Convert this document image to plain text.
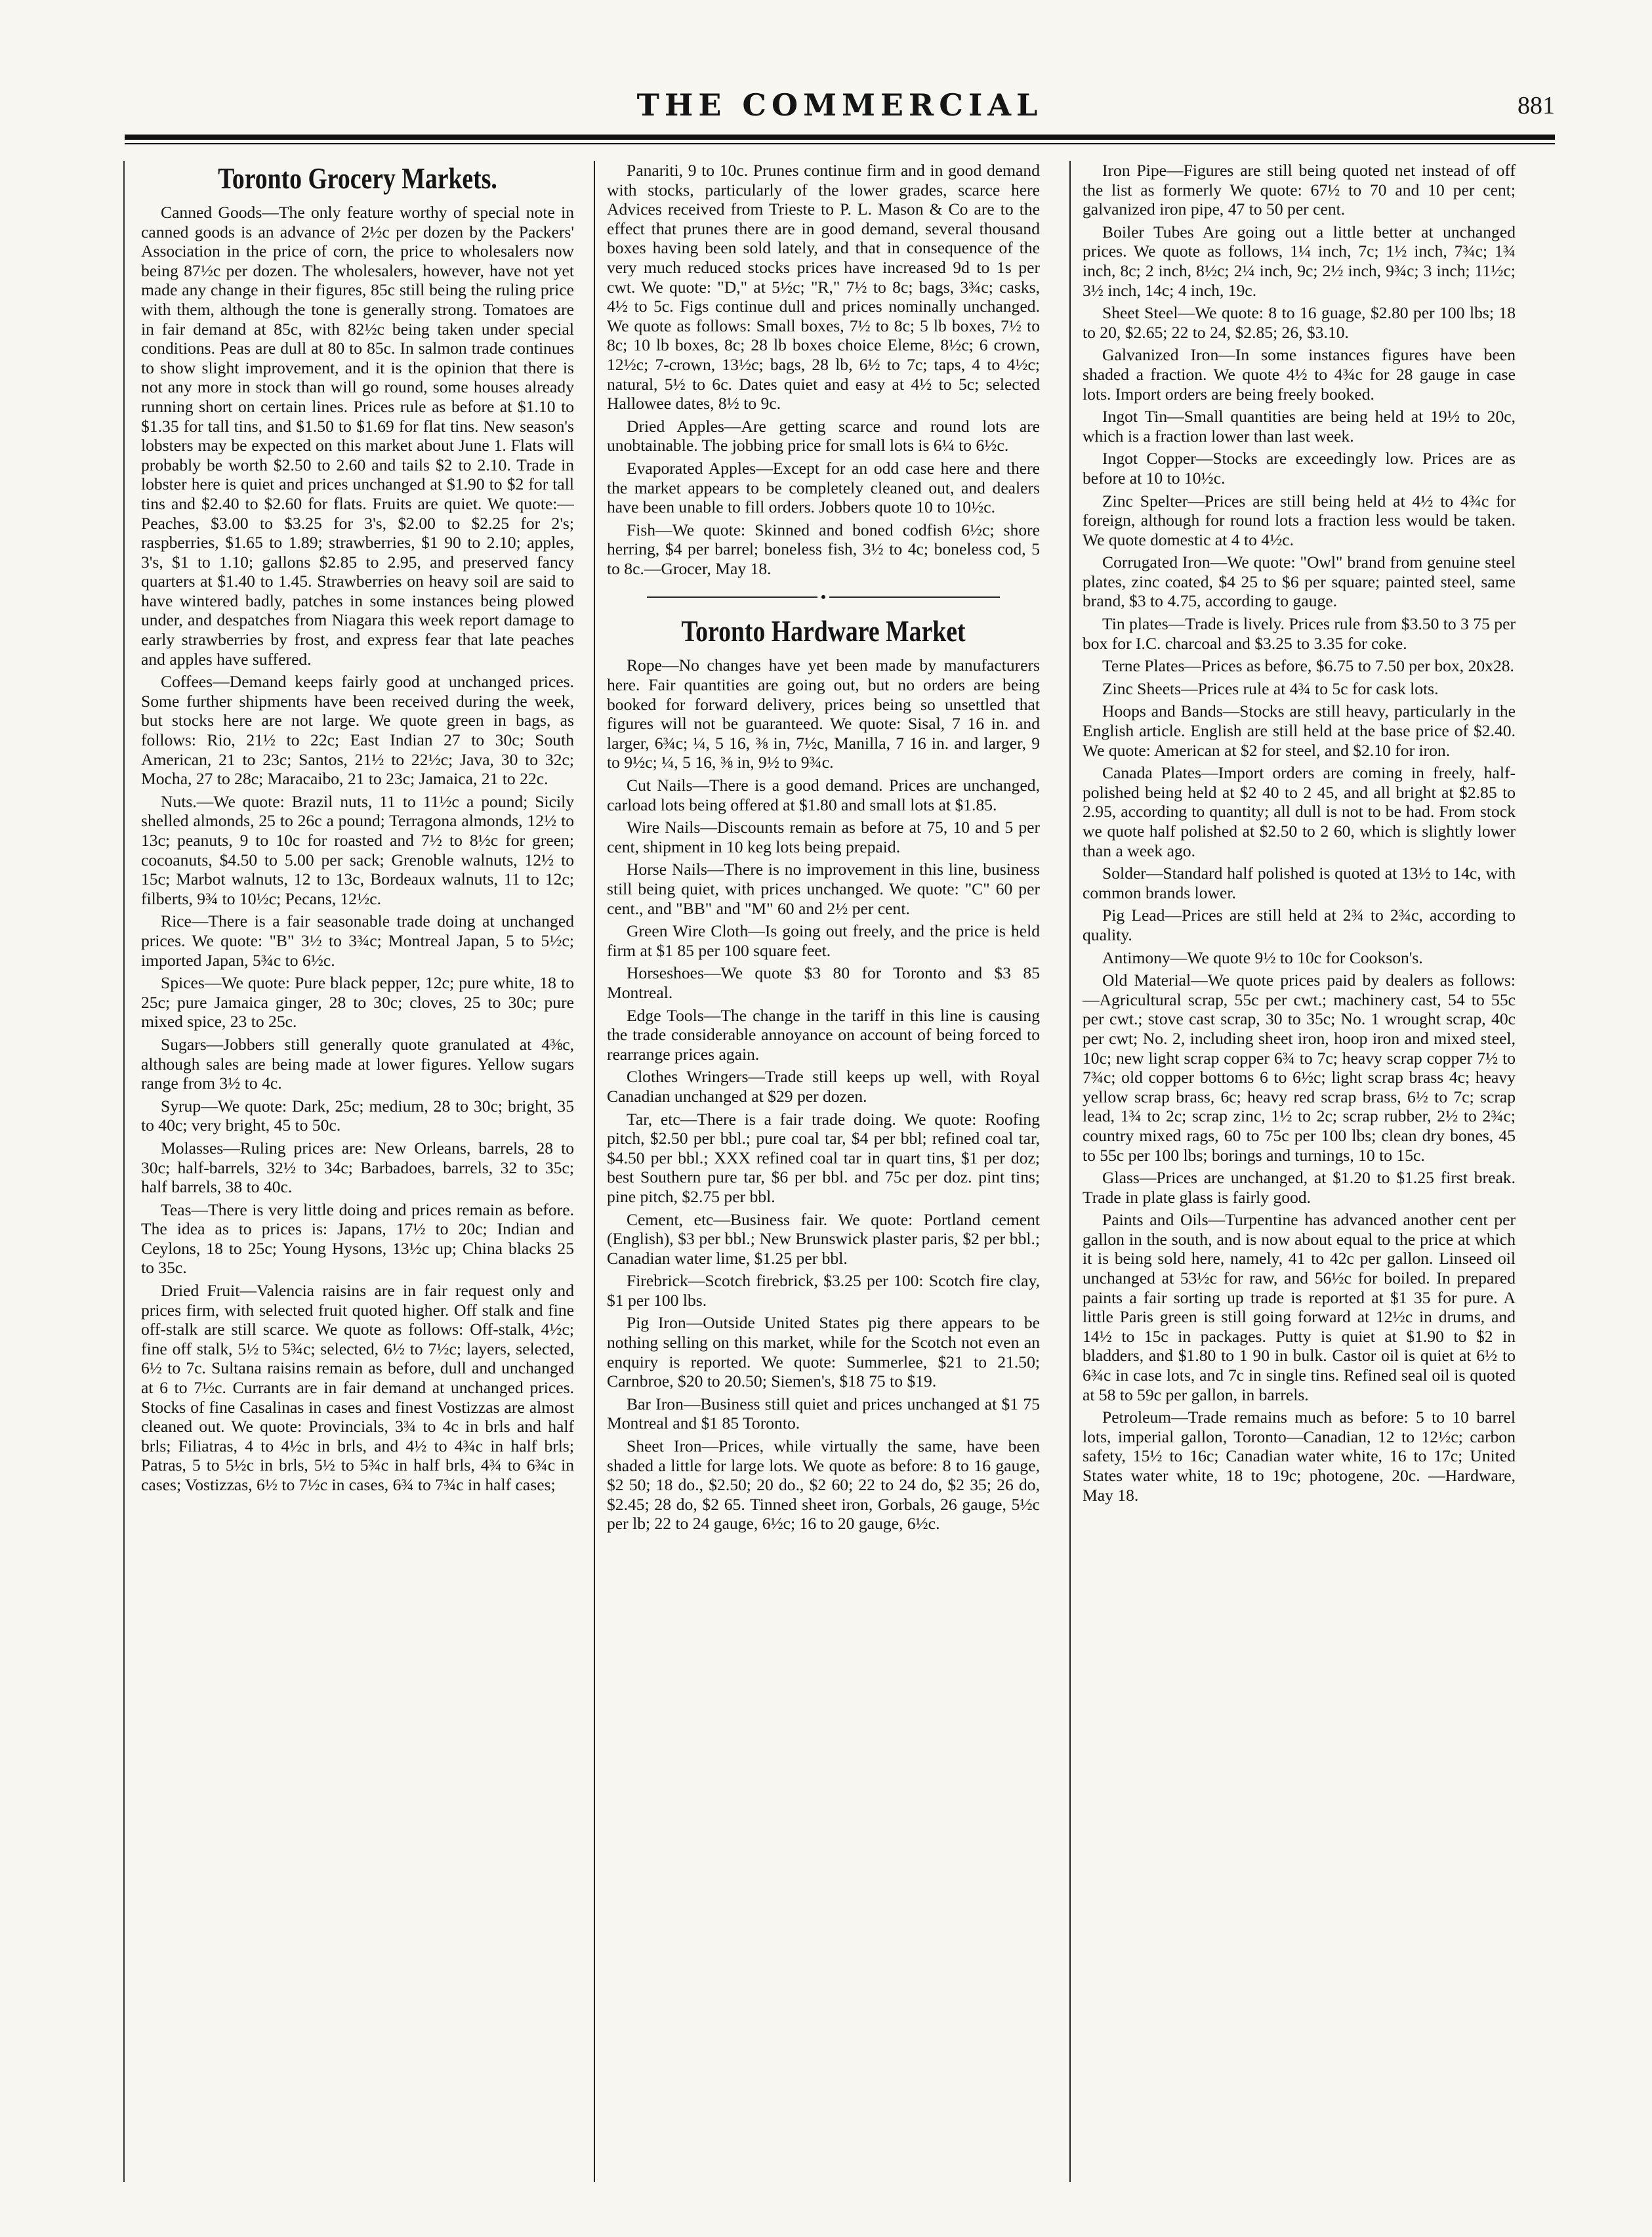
THE COMMERCIAL	881
Toronto Grocery Markets.

Canned Goods—The only feature worthy of special note in canned goods is an advance of 2½c per dozen by the Packers' Association in the price of corn, the price to wholesalers now being 87½c per dozen. The wholesalers, however, have not yet made any change in their figures, 85c still being the ruling price with them, although the tone is generally strong. Tomatoes are in fair demand at 85c, with 82½c being taken under special conditions. Peas are dull at 80 to 85c. In salmon trade continues to show slight improvement, and it is the opinion that there is not any more in stock than will go round, some houses already running short on certain lines. Prices rule as before at $1.10 to $1.35 for tall tins, and $1.50 to $1.69 for flat tins. New season's lobsters may be expected on this market about June 1. Flats will probably be worth $2.50 to 2.60 and tails $2 to 2.10. Trade in lobster here is quiet and prices unchanged at $1.90 to $2 for tall tins and $2.40 to $2.60 for flats. Fruits are quiet. We quote:—Peaches, $3.00 to $3.25 for 3's, $2.00 to $2.25 for 2's; raspberries, $1.65 to 1.89; strawberries, $1 90 to 2.10; apples, 3's, $1 to 1.10; gallons $2.85 to 2.95, and preserved fancy quarters at $1.40 to 1.45. Strawberries on heavy soil are said to have wintered badly, patches in some instances being plowed under, and despatches from Niagara this week report damage to early strawberries by frost, and express fear that late peaches and apples have suffered.

Coffees—Demand keeps fairly good at unchanged prices. Some further shipments have been received during the week, but stocks here are not large. We quote green in bags, as follows: Rio, 21½ to 22c; East Indian 27 to 30c; South American, 21 to 23c; Santos, 21½ to 22½c; Java, 30 to 32c; Mocha, 27 to 28c; Maracaibo, 21 to 23c; Jamaica, 21 to 22c.

Nuts.—We quote: Brazil nuts, 11 to 11½c a pound; Sicily shelled almonds, 25 to 26c a pound; Terragona almonds, 12½ to 13c; peanuts, 9 to 10c for roasted and 7½ to 8½c for green; cocoanuts, $4.50 to 5.00 per sack; Grenoble walnuts, 12½ to 15c; Marbot walnuts, 12 to 13c, Bordeaux walnuts, 11 to 12c; filberts, 9¾ to 10½c; Pecans, 12½c.

Rice—There is a fair seasonable trade doing at unchanged prices. We quote: "B" 3½ to 3¾c; Montreal Japan, 5 to 5½c; imported Japan, 5¾c to 6½c.

Spices—We quote: Pure black pepper, 12c; pure white, 18 to 25c; pure Jamaica ginger, 28 to 30c; cloves, 25 to 30c; pure mixed spice, 23 to 25c.

Sugars—Jobbers still generally quote granulated at 4⅜c, although sales are being made at lower figures. Yellow sugars range from 3½ to 4c.

Syrup—We quote: Dark, 25c; medium, 28 to 30c; bright, 35 to 40c; very bright, 45 to 50c.

Molasses—Ruling prices are: New Orleans, barrels, 28 to 30c; half-barrels, 32½ to 34c; Barbadoes, barrels, 32 to 35c; half barrels, 38 to 40c.

Teas—There is very little doing and prices remain as before. The idea as to prices is: Japans, 17½ to 20c; Indian and Ceylons, 18 to 25c; Young Hysons, 13½c up; China blacks 25 to 35c.

Dried Fruit—Valencia raisins are in fair request only and prices firm, with selected fruit quoted higher. Off stalk and fine off-stalk are still scarce. We quote as follows: Off-stalk, 4½c; fine off stalk, 5½ to 5¾c; selected, 6½ to 7½c; layers, selected, 6½ to 7c. Sultana raisins remain as before, dull and unchanged at 6 to 7½c. Currants are in fair demand at unchanged prices. Stocks of fine Casalinas in cases and finest Vostizzas are almost cleaned out. We quote: Provincials, 3¾ to 4c in brls and half brls; Filiatras, 4 to 4½c in brls, and 4½ to 4¾c in half brls; Patras, 5 to 5½c in brls, 5½ to 5¾c in half brls, 4¾ to 6¾c in cases; Vostizzas, 6½ to 7½c in cases, 6¾ to 7¾c in half cases;

Panariti, 9 to 10c. Prunes continue firm and in good demand with stocks, particularly of the lower grades, scarce here Advices received from Trieste to P. L. Mason & Co are to the effect that prunes there are in good demand, several thousand boxes having been sold lately, and that in consequence of the very much reduced stocks prices have increased 9d to 1s per cwt. We quote: "D," at 5½c; "R," 7½ to 8c; bags, 3¾c; casks, 4½ to 5c. Figs continue dull and prices nominally unchanged. We quote as follows: Small boxes, 7½ to 8c; 5 lb boxes, 7½ to 8c; 10 lb boxes, 8c; 28 lb boxes choice Eleme, 8½c; 6 crown, 12½c; 7-crown, 13½c; bags, 28 lb, 6½ to 7c; taps, 4 to 4½c; natural, 5½ to 6c. Dates quiet and easy at 4½ to 5c; selected Hallowee dates, 8½ to 9c.

Dried Apples—Are getting scarce and round lots are unobtainable. The jobbing price for small lots is 6¼ to 6½c.

Evaporated Apples—Except for an odd case here and there the market appears to be completely cleaned out, and dealers have been unable to fill orders. Jobbers quote 10 to 10½c.

Fish—We quote: Skinned and boned codfish 6½c; shore herring, $4 per barrel; boneless fish, 3½ to 4c; boneless cod, 5 to 8c.—Grocer, May 18.

•
Toronto Hardware Market

Rope—No changes have yet been made by manufacturers here. Fair quantities are going out, but no orders are being booked for forward delivery, prices being so unsettled that figures will not be guaranteed. We quote: Sisal, 7 16 in. and larger, 6¾c; ¼, 5 16, ⅜ in, 7½c, Manilla, 7 16 in. and larger, 9 to 9½c; ¼, 5 16, ⅜ in, 9½ to 9¾c.

Cut Nails—There is a good demand. Prices are unchanged, carload lots being offered at $1.80 and small lots at $1.85.

Wire Nails—Discounts remain as before at 75, 10 and 5 per cent, shipment in 10 keg lots being prepaid.

Horse Nails—There is no improvement in this line, business still being quiet, with prices unchanged. We quote: "C" 60 per cent., and "BB" and "M" 60 and 2½ per cent.

Green Wire Cloth—Is going out freely, and the price is held firm at $1 85 per 100 square feet.

Horseshoes—We quote $3 80 for Toronto and $3 85 Montreal.

Edge Tools—The change in the tariff in this line is causing the trade considerable annoyance on account of being forced to rearrange prices again.

Clothes Wringers—Trade still keeps up well, with Royal Canadian unchanged at $29 per dozen.

Tar, etc—There is a fair trade doing. We quote: Roofing pitch, $2.50 per bbl.; pure coal tar, $4 per bbl; refined coal tar, $4.50 per bbl.; XXX refined coal tar in quart tins, $1 per doz; best Southern pure tar, $6 per bbl. and 75c per doz. pint tins; pine pitch, $2.75 per bbl.

Cement, etc—Business fair. We quote: Portland cement (English), $3 per bbl.; New Brunswick plaster paris, $2 per bbl.; Canadian water lime, $1.25 per bbl.

Firebrick—Scotch firebrick, $3.25 per 100: Scotch fire clay, $1 per 100 lbs.

Pig Iron—Outside United States pig there appears to be nothing selling on this market, while for the Scotch not even an enquiry is reported. We quote: Summerlee, $21 to 21.50; Carnbroe, $20 to 20.50; Siemen's, $18 75 to $19.

Bar Iron—Business still quiet and prices unchanged at $1 75 Montreal and $1 85 Toronto.

Sheet Iron—Prices, while virtually the same, have been shaded a little for large lots. We quote as before: 8 to 16 gauge, $2 50; 18 do., $2.50; 20 do., $2 60; 22 to 24 do, $2 35; 26 do, $2.45; 28 do, $2 65. Tinned sheet iron, Gorbals, 26 gauge, 5½c per lb; 22 to 24 gauge, 6½c; 16 to 20 gauge, 6½c.

Iron Pipe—Figures are still being quoted net instead of off the list as formerly We quote: 67½ to 70 and 10 per cent; galvanized iron pipe, 47 to 50 per cent.

Boiler Tubes Are going out a little better at unchanged prices. We quote as follows, 1¼ inch, 7c; 1½ inch, 7¾c; 1¾ inch, 8c; 2 inch, 8½c; 2¼ inch, 9c; 2½ inch, 9¾c; 3 inch; 11½c; 3½ inch, 14c; 4 inch, 19c.

Sheet Steel—We quote: 8 to 16 guage, $2.80 per 100 lbs; 18 to 20, $2.65; 22 to 24, $2.85; 26, $3.10.

Galvanized Iron—In some instances figures have been shaded a fraction. We quote 4½ to 4¾c for 28 gauge in case lots. Import orders are being freely booked.

Ingot Tin—Small quantities are being held at 19½ to 20c, which is a fraction lower than last week.

Ingot Copper—Stocks are exceedingly low. Prices are as before at 10 to 10½c.

Zinc Spelter—Prices are still being held at 4½ to 4¾c for foreign, although for round lots a fraction less would be taken. We quote domestic at 4 to 4½c.

Corrugated Iron—We quote: "Owl" brand from genuine steel plates, zinc coated, $4 25 to $6 per square; painted steel, same brand, $3 to 4.75, according to gauge.

Tin plates—Trade is lively. Prices rule from $3.50 to 3 75 per box for I.C. charcoal and $3.25 to 3.35 for coke.

Terne Plates—Prices as before, $6.75 to 7.50 per box, 20x28.

Zinc Sheets—Prices rule at 4¾ to 5c for cask lots.

Hoops and Bands—Stocks are still heavy, particularly in the English article. English are still held at the base price of $2.40. We quote: American at $2 for steel, and $2.10 for iron.

Canada Plates—Import orders are coming in freely, half-polished being held at $2 40 to 2 45, and all bright at $2.85 to 2.95, according to quantity; all dull is not to be had. From stock we quote half polished at $2.50 to 2 60, which is slightly lower than a week ago.

Solder—Standard half polished is quoted at 13½ to 14c, with common brands lower.

Pig Lead—Prices are still held at 2¾ to 2¾c, according to quality.

Antimony—We quote 9½ to 10c for Cookson's.

Old Material—We quote prices paid by dealers as follows: —Agricultural scrap, 55c per cwt.; machinery cast, 54 to 55c per cwt.; stove cast scrap, 30 to 35c; No. 1 wrought scrap, 40c per cwt; No. 2, including sheet iron, hoop iron and mixed steel, 10c; new light scrap copper 6¾ to 7c; heavy scrap copper 7½ to 7¾c; old copper bottoms 6 to 6½c; light scrap brass 4c; heavy yellow scrap brass, 6c; heavy red scrap brass, 6½ to 7c; scrap lead, 1¾ to 2c; scrap zinc, 1½ to 2c; scrap rubber, 2½ to 2¾c; country mixed rags, 60 to 75c per 100 lbs; clean dry bones, 45 to 55c per 100 lbs; borings and turnings, 10 to 15c.

Glass—Prices are unchanged, at $1.20 to $1.25 first break. Trade in plate glass is fairly good.

Paints and Oils—Turpentine has advanced another cent per gallon in the south, and is now about equal to the price at which it is being sold here, namely, 41 to 42c per gallon. Linseed oil unchanged at 53½c for raw, and 56½c for boiled. In prepared paints a fair sorting up trade is reported at $1 35 for pure. A little Paris green is still going forward at 12½c in drums, and 14½ to 15c in packages. Putty is quiet at $1.90 to $2 in bladders, and $1.80 to 1 90 in bulk. Castor oil is quiet at 6½ to 6¾c in case lots, and 7c in single tins. Refined seal oil is quoted at 58 to 59c per gallon, in barrels.

Petroleum—Trade remains much as before: 5 to 10 barrel lots, imperial gallon, Toronto—Canadian, 12 to 12½c; carbon safety, 15½ to 16c; Canadian water white, 16 to 17c; United States water white, 18 to 19c; photogene, 20c. —Hardware, May 18.
